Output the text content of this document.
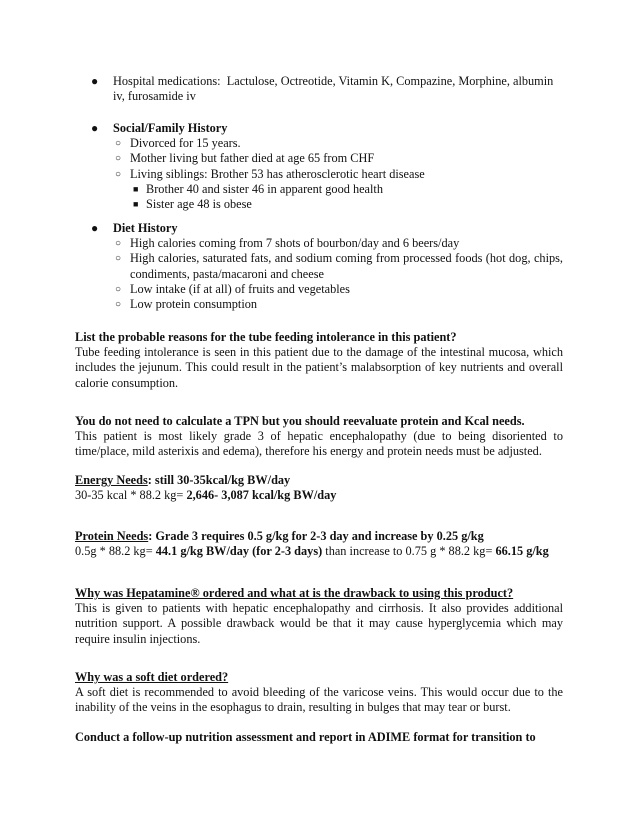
● Hospital medications: Lactulose, Octreotide, Vitamin K, Compazine, Morphine, albumin iv, furosamide iv
● Social/Family History
○ Divorced for 15 years.
○ Mother living but father died at age 65 from CHF
○ Living siblings: Brother 53 has atherosclerotic heart disease
■ Brother 40 and sister 46 in apparent good health
■ Sister age 48 is obese
● Diet History
○ High calories coming from 7 shots of bourbon/day and 6 beers/day
○ High calories, saturated fats, and sodium coming from processed foods (hot dog, chips, condiments, pasta/macaroni and cheese
○ Low intake (if at all) of fruits and vegetables
○ Low protein consumption

List the probable reasons for the tube feeding intolerance in this patient?

Tube feeding intolerance is seen in this patient due to the damage of the intestinal mucosa, which includes the jejunum. This could result in the patient’s malabsorption of key nutrients and overall calorie consumption.

You do not need to calculate a TPN but you should reevaluate protein and Kcal needs.

This patient is most likely grade 3 of hepatic encephalopathy (due to being disoriented to time/place, mild asterixis and edema), therefore his energy and protein needs must be adjusted.

Energy Needs: still 30-35kcal/kg BW/day

30-35 kcal * 88.2 kg= 2,646- 3,087 kcal/kg BW/day

Protein Needs: Grade 3 requires 0.5 g/kg for 2-3 day and increase by 0.25 g/kg

0.5g * 88.2 kg= 44.1 g/kg BW/day (for 2-3 days) than increase to 0.75 g * 88.2 kg= 66.15 g/kg

Why was Hepatamine® ordered and what at is the drawback to using this product?

This is given to patients with hepatic encephalopathy and cirrhosis. It also provides additional nutrition support. A possible drawback would be that it may cause hyperglycemia which may require insulin injections.

Why was a soft diet ordered?

A soft diet is recommended to avoid bleeding of the varicose veins. This would occur due to the inability of the veins in the esophagus to drain, resulting in bulges that may tear or burst.

Conduct a follow-up nutrition assessment and report in ADIME format for transition to
